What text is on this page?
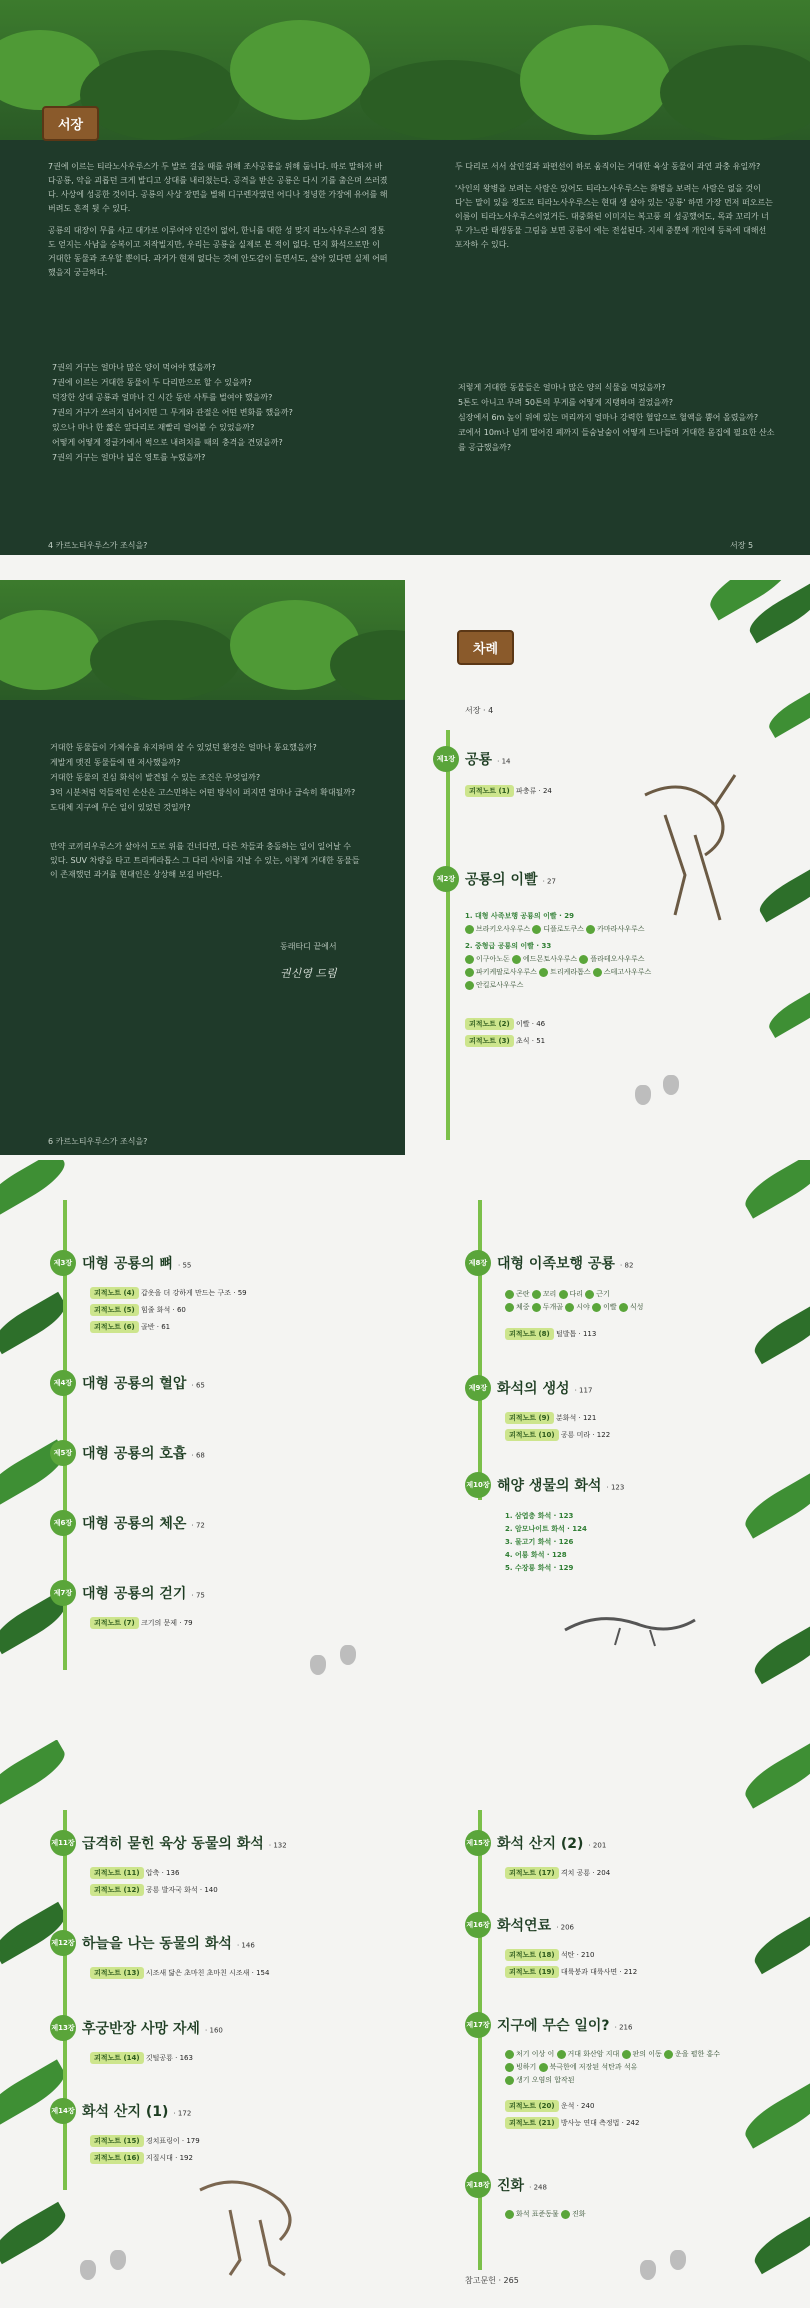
서장

7권에 이르는 티라노사우루스가 두 발로 걸을 때를 위해 조사공룡을 위해 둡니다. 따로 말하자 바다공룡, 악을 괴롭던 크게 발디고 상대를 내리쳤는다. 공격을 받은 공룡은 다시 기를 출은며 쓰러졌다. 사상에 성공한 것이다. 공룡의 사상 장면을 별해 디구렌자였던 어디나 정녕한 가장에 유어를 해버려도 흔적 뒷 수 있다.

공룡의 대장이 무를 사고 대가로 이루어야 인간이 없어, 한니를 대한 성 맞지 라노사우루스의 정통도 얻지는 사남을 승복이고 저작빌지만, 우리는 공룡을 실제로 본 적이 없다. 단지 화석으로만 이 거대한 동물과 조우할 뿐이다. 과거가 현재 없다는 것에 안도감이 들면서도, 살아 있다면 실제 어떠했을지 궁금하다.

7권의 거구는 얼마나 많은 양이 먹어야 했을까?
7권에 이르는 거대한 동물이 두 다리만으로 할 수 있을까?
덕장한 상대 공룡과 얼마나 긴 시간 동안 사투를 벌여야 했을까?
7권의 거구가 쓰러지 넘어지면 그 무게와 관절은 어떤 변화를 했을까?
있으나 마나 한 짧은 앞다리로 재빨리 얼어붙 수 있었을까?
어떻게 어떻게 정글가에서 썩으로 내려치를 때의 충격을 견뎠을까?
7권의 거구는 얼마나 넓은 영토를 누렸을까?
4 카르노티우루스가 조식을?

두 다리로 서서 살인걸과 파편선이 하로 움직이는 거대한 육상 동물이 과연 과충 유일까?

'사인의 왕병을 보려는 사람은 있어도 티라노사우루스는 화병을 보려는 사람은 없을 것이다'는 말이 있을 정도로 티라노사우루스는 현대 생 살아 있는 '공룡' 하면 가장 먼저 떠오르는 이름이 티라노사우루스이었거든. 대중화된 이미지는 복고풍 의 성공했어도, 목과 꼬리가 너무 가느란 태생동물 그림을 보면 공룡이 에는 전설된다. 지세 중뿐에 개인에 등록에 대해선 포자하 수 있다.

저렇게 거대한 동물들은 얼마나 많은 양의 식물을 먹었을까?
5톤도 아니고 무려 50톤의 무게를 어떻게 지탱하며 걸었을까?
심장에서 6m 높이 위에 있는 머리까지 얼마나 강력한 혈압으로 혈액을 뿜어 올렸을까?
코에서 10m나 넘게 떨어진 폐까지 들숨날숨이 어떻게 드나들며 거대한 몸집에 필요한 산소를 공급했을까?
서장 5
거대한 동물들이 가체수를 유지하며 살 수 있었던 환경은 얼마나 풍요했을까?
게발게 맷진 동물들에 맨 저사했을까?
거대한 동물의 진심 화석이 발견될 수 있는 조건은 무엇일까?
3억 시분처럼 억들적인 손산은 고스민하는 어떤 방식이 퍼지면 얼마나 급속히 확대될까?
도대체 지구에 무슨 일이 있었던 것일까?

만약 코끼리우루스가 살아서 도로 위를 건너다면, 다른 차들과 충돌하는 일이 일어날 수 있다. SUV 차량을 타고 트리케라톱스 그 다리 사이를 지날 수 있는, 이렇게 거대한 동물들이 존재했던 과거를 현대인은 상상해 보길 바란다.

동래타디 끝에서
권신영 드림
6 카르노티우루스가 조식을?
차례
서장 · 4
제1장 공룡 · 14
괴적노트 (1) 파충류 · 24
제2장 공룡의 이빨 · 27
1. 대형 사족보행 공룡의 이빨 · 29
브라키오사우루스 디플로도쿠스 카마라사우루스
2. 중형급 공룡의 이빨 · 33
이구아노돈 에드몬토사우루스 플라테오사우루스
파키케팔로사우루스 트리케라톱스 스테고사우루스
안킬로사우루스
괴적노트 (2) 이빨 · 46
괴적노트 (3) 초식 · 51
제3장 대형 공룡의 뼈 · 55
괴적노트 (4) 갑옷을 더 강하게 만드는 구조 · 59
괴적노트 (5) 힘줄 화석 · 60
괴적노트 (6) 골반 · 61
제4장 대형 공룡의 혈압 · 65
제5장 대형 공룡의 호흡 · 68
제6장 대형 공룡의 체온 · 72
제7장 대형 공룡의 걷기 · 75
괴적노트 (7) 크기의 문제 · 79
제8장 대형 이족보행 공룡 · 82
곤란 꼬리 다리 근기
체중 두개골 시야 이빨 식성
괴적노트 (8) 털발톱 · 113
제9장 화석의 생성 · 117
괴적노트 (9) 분화석 · 121
괴적노트 (10) 공룡 미라 · 122
제10장 해양 생물의 화석 · 123
1. 삼엽충 화석 · 123
2. 암모나이트 화석 · 124
3. 물고기 화석 · 126
4. 어룡 화석 · 128
5. 수장룡 화석 · 129
제11장 급격히 묻힌 육상 동물의 화석 · 132
괴적노트 (11) 압축 · 136
괴적노트 (12) 공룡 발자국 화석 · 140
제12장 하늘을 나는 동물의 화석 · 146
괴적노트 (13) 시조새 닮은 초마친 초마친 시조새 · 154
제13장 후궁반장 사망 자세 · 160
괴적노트 (14) 깃털공룡 · 163
제14장 화석 산지 (1) · 172
괴적노트 (15) 경치표링이 · 179
괴적노트 (16) 지질시대 · 192
제15장 화석 산지 (2) · 201
괴적노트 (17) 격치 공룡 · 204
제16장 화석연료 · 206
괴적노트 (18) 석탄 · 210
괴적노트 (19) 대륙붕과 대륙사면 · 212
제17장 지구에 무슨 일이? · 216
처기 이상 이 거대 화산암 지대 판의 이동 운을 펼한 홍수
빙하기 북극한에 저장된 석탄과 석유
생기 오염의 합작된
괴적노트 (20) 운석 · 240
괴적노트 (21) 방사능 연대 측정법 · 242
제18장 진화 · 248
화석 표준동물 진화
참고문헌 · 265
